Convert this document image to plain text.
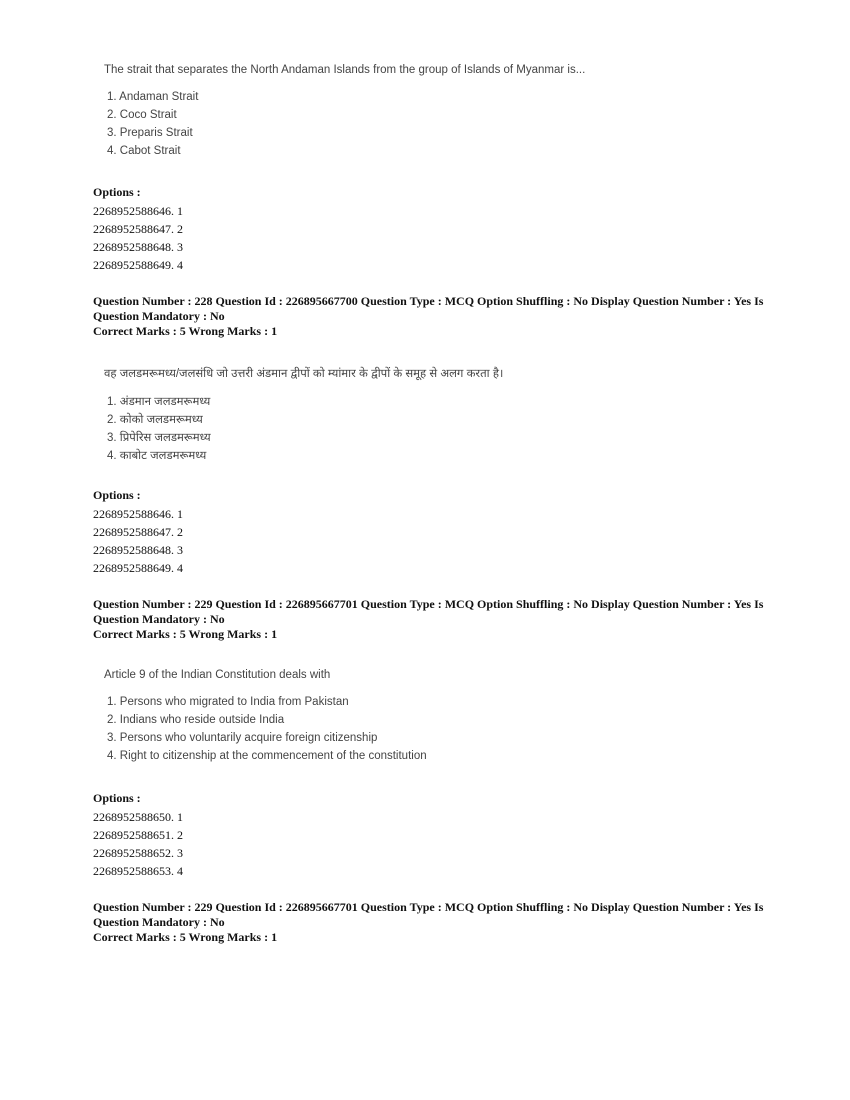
The strait that separates the North Andaman Islands from the group of Islands of Myanmar is...
1. Andaman Strait
2. Coco Strait
3. Preparis Strait
4. Cabot Strait
Options :
2268952588646. 1
2268952588647. 2
2268952588648. 3
2268952588649. 4
Question Number : 228 Question Id : 226895667700 Question Type : MCQ Option Shuffling : No Display Question Number : Yes Is Question Mandatory : No
Correct Marks : 5 Wrong Marks : 1
वह जलडमरूमध्य/जलसंधि जो उत्तरी अंडमान द्वीपों को म्यांमार के द्वीपों के समूह से अलग करता है।
1. अंडमान जलडमरूमध्य
2. कोको जलडमरूमध्य
3. प्रिपेरिस जलडमरूमध्य
4. काबोट जलडमरूमध्य
Options :
2268952588646. 1
2268952588647. 2
2268952588648. 3
2268952588649. 4
Question Number : 229 Question Id : 226895667701 Question Type : MCQ Option Shuffling : No Display Question Number : Yes Is Question Mandatory : No
Correct Marks : 5 Wrong Marks : 1
Article 9 of the Indian Constitution deals with
1. Persons who migrated to India from Pakistan
2. Indians who reside outside India
3. Persons who voluntarily acquire foreign citizenship
4. Right to citizenship at the commencement of the constitution
Options :
2268952588650. 1
2268952588651. 2
2268952588652. 3
2268952588653. 4
Question Number : 229 Question Id : 226895667701 Question Type : MCQ Option Shuffling : No Display Question Number : Yes Is Question Mandatory : No
Correct Marks : 5 Wrong Marks : 1
